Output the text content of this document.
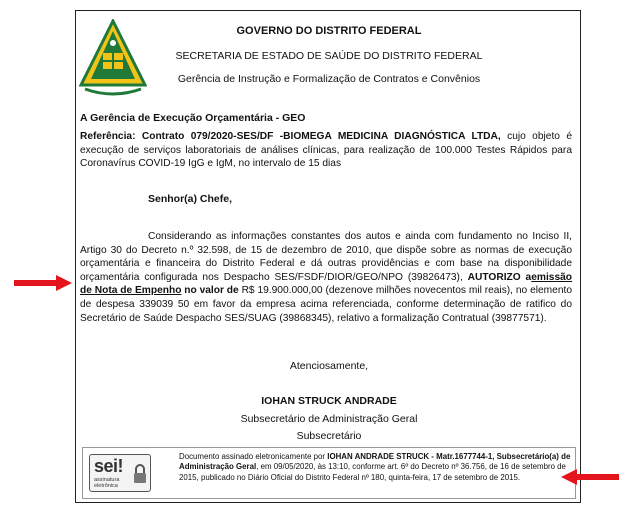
GOVERNO DO DISTRITO FEDERAL
SECRETARIA DE ESTADO DE SAÚDE DO DISTRITO FEDERAL
Gerência de Instrução e Formalização de Contratos e Convênios
A Gerência de Execução Orçamentária - GEO
Referência: Contrato 079/2020-SES/DF -BIOMEGA MEDICINA DIAGNÓSTICA LTDA, cujo objeto é execução de serviços laboratoriais de análises clínicas, para realização de 100.000 Testes Rápidos para Coronavírus COVID-19 IgG e IgM, no intervalo de 15 dias
Senhor(a) Chefe,
Considerando as informações constantes dos autos e ainda com fundamento no Inciso II, Artigo 30 do Decreto n.º 32.598, de 15 de dezembro de 2010, que dispõe sobre as normas de execução orçamentária e financeira do Distrito Federal e dá outras providências e com base na disponibilidade orçamentária configurada nos Despacho SES/FSDF/DIOR/GEO/NPO (39826473), AUTORIZO aemissão de Nota de Empenho no valor de R$ 19.900.000,00 (dezenove milhões novecentos mil reais), no elemento de despesa 339039 50 em favor da empresa acima referenciada, conforme determinação de ratifico do Secretário de Saúde Despacho SES/SUAG (39868345), relativo a formalização Contratual (39877571).
Atenciosamente,
IOHAN STRUCK ANDRADE
Subsecretário de Administração Geral
Subsecretário
sei!
assinatura
eletrônica
Documento assinado eletronicamente por IOHAN ANDRADE STRUCK - Matr.1677744-1, Subsecretário(a) de Administração Geral, em 09/05/2020, às 13:10, conforme art. 6º do Decreto nº 36.756, de 16 de setembro de 2015, publicado no Diário Oficial do Distrito Federal nº 180, quinta-feira, 17 de setembro de 2015.
